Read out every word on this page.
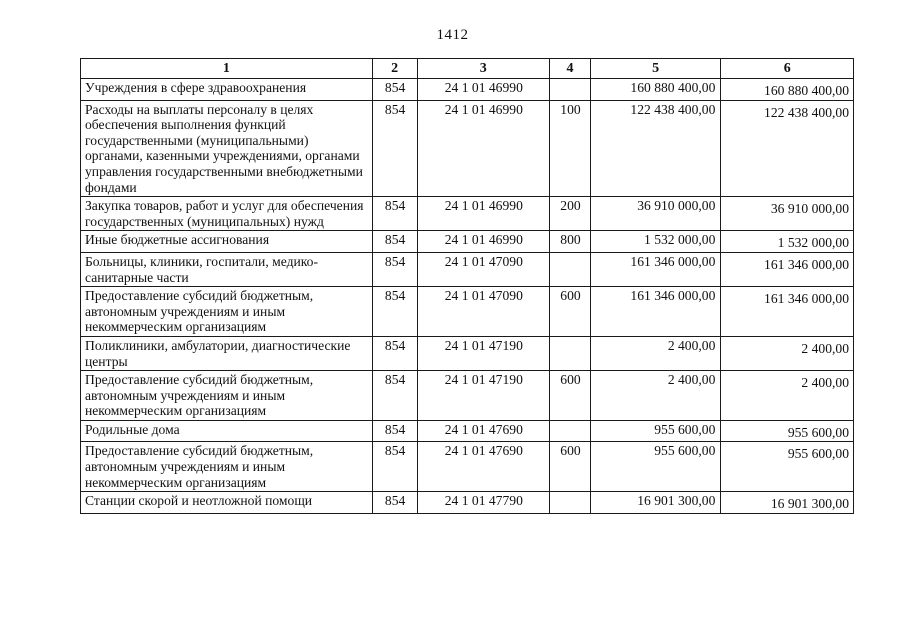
1412
1	2	3	4	5	6
Учреждения в сфере здравоохранения	854	24 1 01 46990		160 880 400,00	160 880 400,00
Расходы на выплаты персоналу в целях обеспечения выполнения функций государственными (муниципальными) органами, казенными учреждениями, органами управления государственными внебюджетными фондами	854	24 1 01 46990	100	122 438 400,00	122 438 400,00
Закупка товаров, работ и услуг для обеспечения государственных (муниципальных) нужд	854	24 1 01 46990	200	36 910 000,00	36 910 000,00
Иные бюджетные ассигнования	854	24 1 01 46990	800	1 532 000,00	1 532 000,00
Больницы, клиники, госпитали, медико-санитарные части	854	24 1 01 47090		161 346 000,00	161 346 000,00
Предоставление субсидий бюджетным, автономным учреждениям и иным некоммерческим организациям	854	24 1 01 47090	600	161 346 000,00	161 346 000,00
Поликлиники, амбулатории, диагностические центры	854	24 1 01 47190		2 400,00	2 400,00
Предоставление субсидий бюджетным, автономным учреждениям и иным некоммерческим организациям	854	24 1 01 47190	600	2 400,00	2 400,00
Родильные дома	854	24 1 01 47690		955 600,00	955 600,00
Предоставление субсидий бюджетным, автономным учреждениям и иным некоммерческим организациям	854	24 1 01 47690	600	955 600,00	955 600,00
Станции скорой и неотложной помощи	854	24 1 01 47790		16 901 300,00	16 901 300,00
